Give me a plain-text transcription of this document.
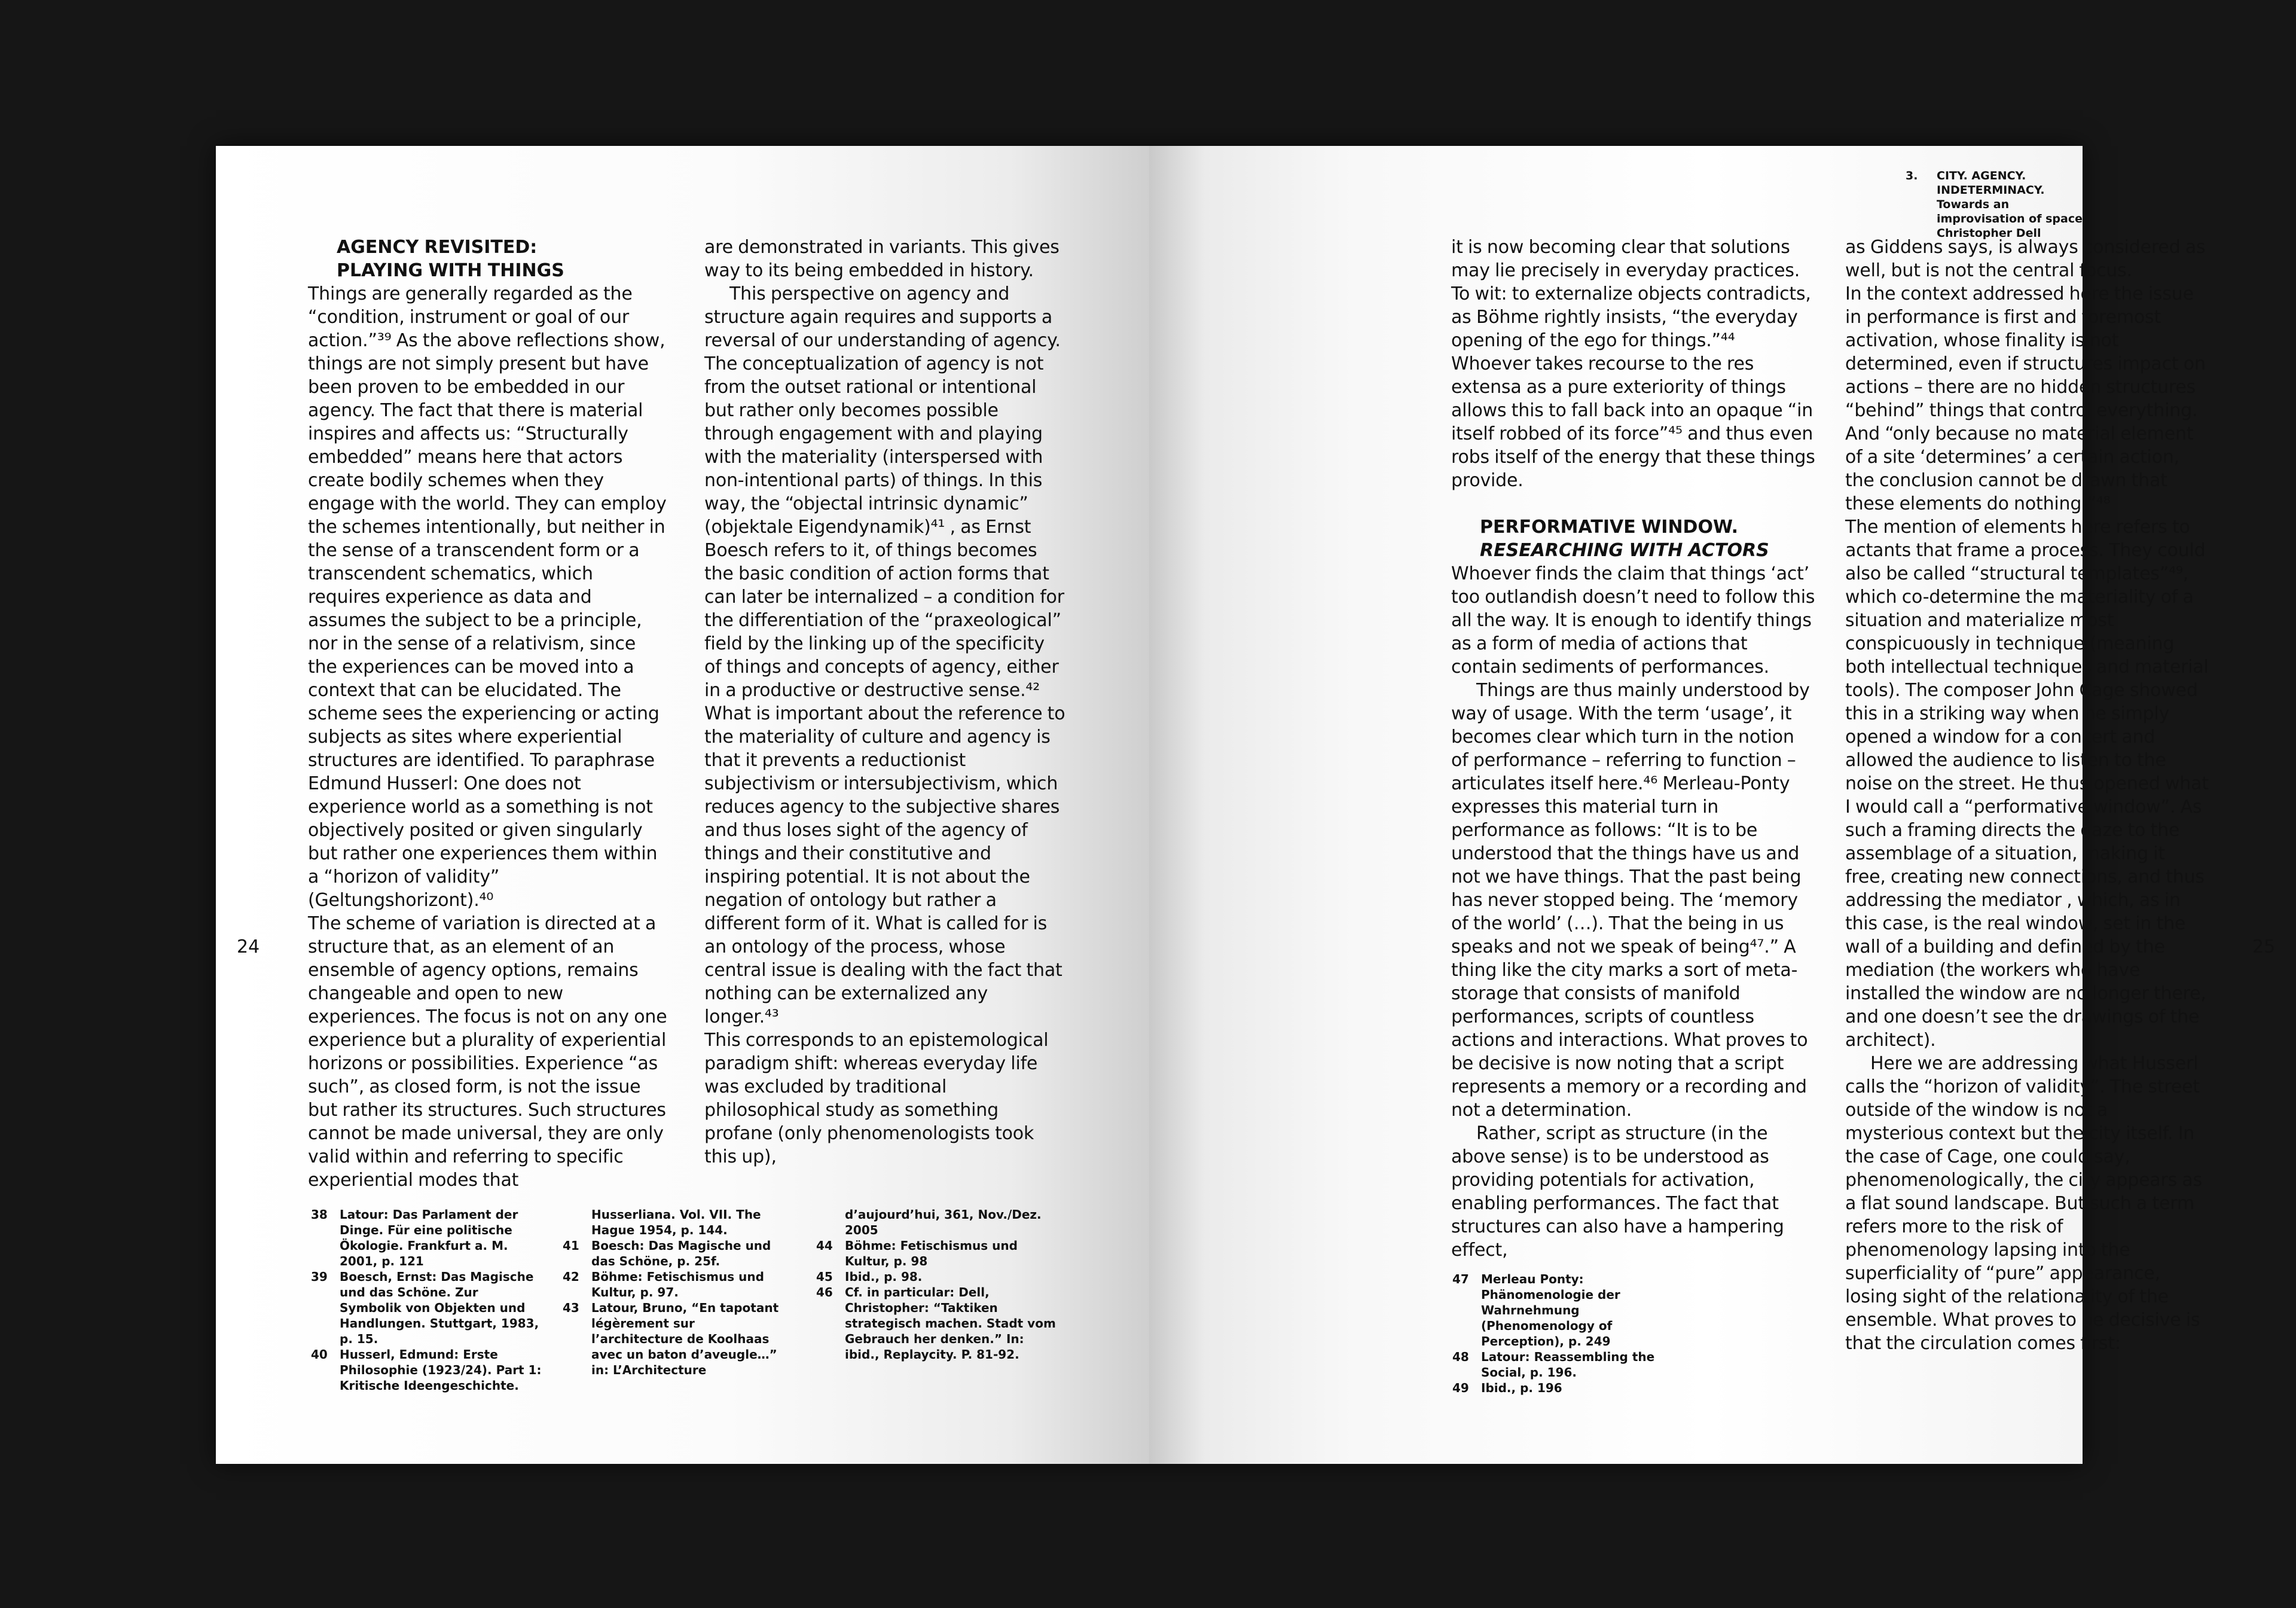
AGENCY REVISITED:
PLAYING WITH THINGS

Things are generally regarded as the “condition, instrument or goal of our action.”³⁹ As the above reflections show, things are not simply present but have been proven to be embedded in our agency. The fact that there is material inspires and affects us: “Structurally embedded” means here that actors create bodily schemes when they engage with the world. They can employ the schemes intentionally, but neither in the sense of a transcendent form or a transcendent schematics, which requires experience as data and assumes the subject to be a principle, nor in the sense of a relativism, since the experiences can be moved into a context that can be elucidated. The scheme sees the experiencing or acting subjects as sites where experiential structures are identified. To paraphrase Edmund Husserl: One does not experience world as a something is not objectively posited or given singularly but rather one experiences them within a “horizon of validity” (Geltungshorizont).⁴⁰

The scheme of variation is directed at a structure that, as an element of an ensemble of agency options, remains changeable and open to new experiences. The focus is not on any one experience but a plurality of experiential horizons or possibilities. Experience “as such”, as closed form, is not the issue but rather its structures. Such structures cannot be made universal, they are only valid within and referring to specific experiential modes that

are demonstrated in variants. This gives way to its being embedded in history.

This perspective on agency and structure again requires and supports a reversal of our understanding of agency. The conceptualization of agency is not from the outset rational or intentional but rather only becomes possible through engagement with and playing with the materiality (interspersed with non-intentional parts) of things. In this way, the “objectal intrinsic dynamic” (objektale Eigendynamik)⁴¹ , as Ernst Boesch refers to it, of things becomes the basic condition of action forms that can later be internalized – a condition for the differentiation of the “praxeological” field by the linking up of the specificity of things and concepts of agency, either in a productive or destructive sense.⁴² What is important about the reference to the materiality of culture and agency is that it prevents a reductionist subjectivism or intersubjectivism, which reduces agency to the subjective shares and thus loses sight of the agency of things and their constitutive and inspiring potential. It is not about the negation of ontology but rather a different form of it. What is called for is an ontology of the process, whose central issue is dealing with the fact that nothing can be externalized any longer.⁴³

This corresponds to an epistemological paradigm shift: whereas everyday life was excluded by traditional philosophical study as something profane (only phenomenologists took this up),

24
38 Latour: Das Parlament der Dinge. Für eine politische Ökologie. Frankfurt a. M. 2001, p. 121
39 Boesch, Ernst: Das Magische und das Schöne. Zur Symbolik von Objekten und Handlungen. Stuttgart, 1983, p. 15.
40 Husserl, Edmund: Erste Philosophie (1923/24). Part 1: Kritische Ideengeschichte.
Husserliana. Vol. VII. The Hague 1954, p. 144.
41 Boesch: Das Magische und das Schöne, p. 25f.
42 Böhme: Fetischismus und Kultur, p. 97.
43 Latour, Bruno, “En tapotant légèrement sur l’architecture de Koolhaas avec un baton d’aveugle…” in: L’Architecture
d’aujourd’hui, 361, Nov./Dez. 2005
44 Böhme: Fetischismus und Kultur, p. 98
45 Ibid., p. 98.
46 Cf. in particular: Dell, Christopher: “Taktiken strategisch machen. Stadt vom Gebrauch her denken.” In: ibid., Replaycity. P. 81-92.
3. CITY. AGENCY. INDETERMINACY.
Towards an improvisation of space
Christopher Dell

it is now becoming clear that solutions may lie precisely in everyday practices. To wit: to externalize objects contradicts, as Böhme rightly insists, “the everyday opening of the ego for things.”⁴⁴ Whoever takes recourse to the res extensa as a pure exteriority of things allows this to fall back into an opaque “in itself robbed of its force”⁴⁵ and thus even robs itself of the energy that these things provide.

PERFORMATIVE WINDOW.
RESEARCHING WITH ACTORS

Whoever finds the claim that things ‘act’ too outlandish doesn’t need to follow this all the way. It is enough to identify things as a form of media of actions that contain sediments of performances.

Things are thus mainly understood by way of usage. With the term ‘usage’, it becomes clear which turn in the notion of performance – referring to function – articulates itself here.⁴⁶ Merleau-Ponty expresses this material turn in performance as follows: “It is to be understood that the things have us and not we have things. That the past being has never stopped being. The ‘memory of the world’ (…). That the being in us speaks and not we speak of being⁴⁷.” A thing like the city marks a sort of meta-storage that consists of manifold performances, scripts of countless actions and interactions. What proves to be decisive is now noting that a script represents a memory or a recording and not a determination.

Rather, script as structure (in the above sense) is to be understood as providing potentials for activation, enabling performances. The fact that structures can also have a hampering effect,

as Giddens says, is always considered as well, but is not the central focus.

In the context addressed here the issue in performance is first and foremost activation, whose finality is not determined, even if structures impact on actions – there are no hidden structures “behind” things that control everything. And “only because no material element of a site ‘determines’ a certain action, the conclusion cannot be drawn that these elements do nothing.”⁴⁸

The mention of elements here refers to actants that frame a process. They could also be called “structural templates”⁴⁹, which co-determine the materiality of a situation and materialize most conspicuously in technique (meaning both intellectual techniques and material tools). The composer John Cage showed this in a striking way when he simply opened a window for a concert and allowed the audience to listen to the noise on the street. He thus opened what I would call a “performative window”. As such a framing directs the gaze to the assemblage of a situation, making it free, creating new connections, and thus addressing the mediator , which, as in this case, is the real window, set in the wall of a building and defined by the mediation (the workers who have installed the window are no longer there, and one doesn’t see the drawings of the architect).

Here we are addressing what Husserl calls the “horizon of validity”. The street outside of the window is not a mysterious context but the city itself. In the case of Cage, one could say, phenomenologically, the city appears as a flat sound landscape. But such a term refers more to the risk of phenomenology lapsing into the superficiality of “pure” appearance, losing sight of the relationality of the ensemble. What proves to be decisive is that the circulation comes first:

25
47 Merleau Ponty: Phänomenologie der Wahrnehmung (Phenomenology of Perception), p. 249
48 Latour: Reassembling the Social, p. 196.
49 Ibid., p. 196
